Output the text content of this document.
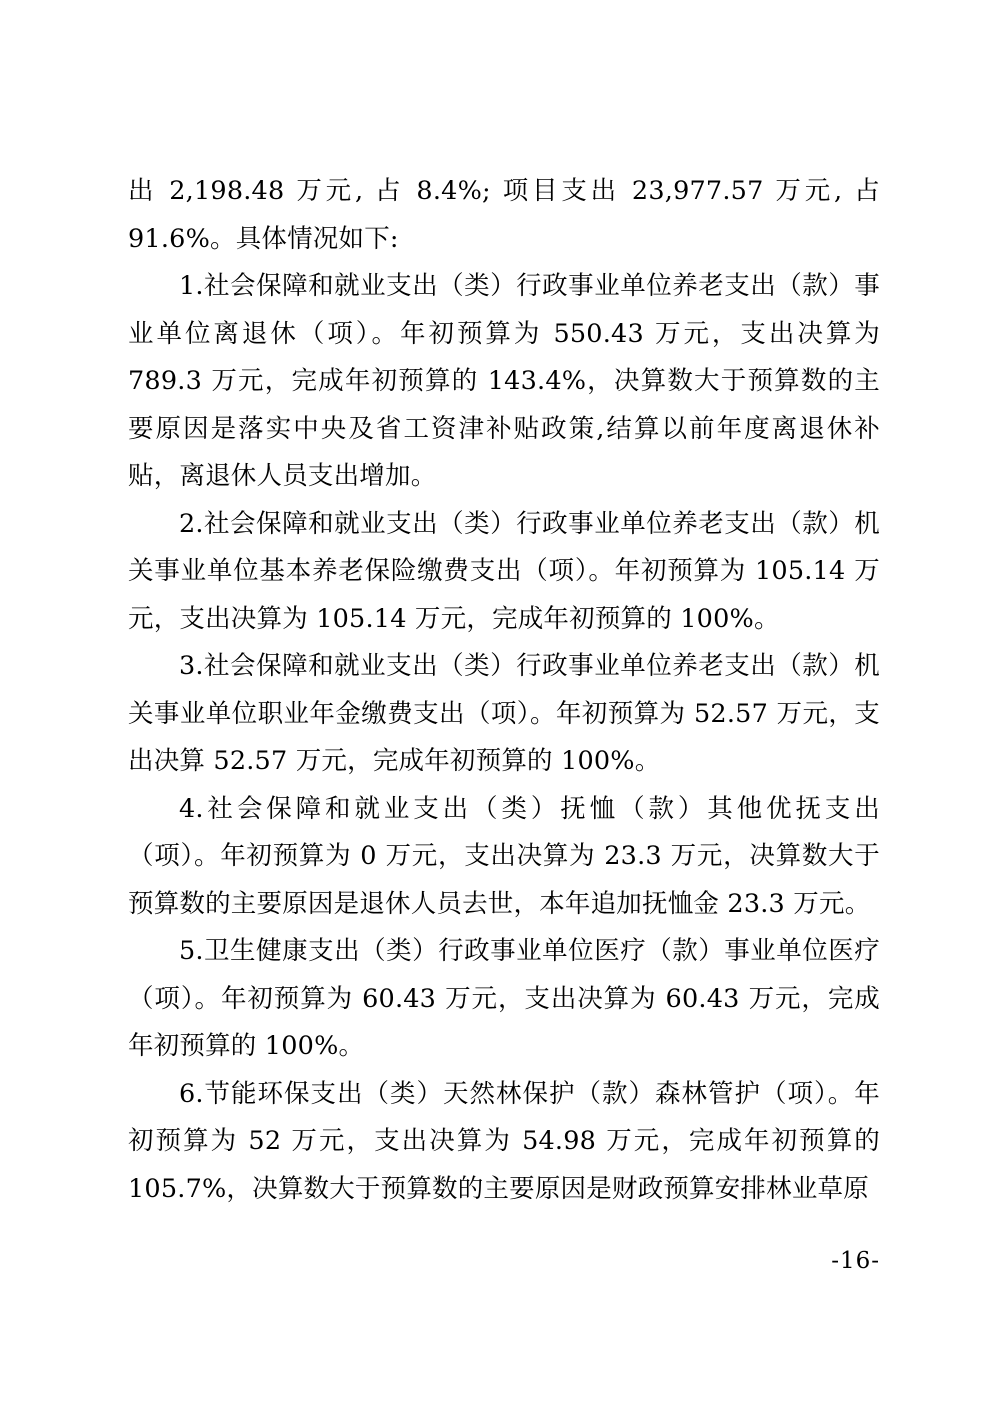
出 2,198.48 万元, 占 8.4%; 项目支出 23,977.57 万元, 占 91.6%。具体情况如下:

1.社会保障和就业支出（类）行政事业单位养老支出（款）事业单位离退休（项）。年初预算为 550.43 万元，支出决算为 789.3 万元，完成年初预算的 143.4%，决算数大于预算数的主要原因是落实中央及省工资津补贴政策,结算以前年度离退休补贴，离退休人员支出增加。

2.社会保障和就业支出（类）行政事业单位养老支出（款）机关事业单位基本养老保险缴费支出（项）。年初预算为 105.14 万元，支出决算为 105.14 万元，完成年初预算的 100%。

3.社会保障和就业支出（类）行政事业单位养老支出（款）机关事业单位职业年金缴费支出（项）。年初预算为 52.57 万元，支出决算 52.57 万元，完成年初预算的 100%。

4.社会保障和就业支出（类）抚恤（款）其他优抚支出（项）。年初预算为 0 万元，支出决算为 23.3 万元，决算数大于预算数的主要原因是退休人员去世，本年追加抚恤金 23.3 万元。

5.卫生健康支出（类）行政事业单位医疗（款）事业单位医疗（项）。年初预算为 60.43 万元，支出决算为 60.43 万元，完成年初预算的 100%。

6.节能环保支出（类）天然林保护（款）森林管护（项）。年初预算为 52 万元，支出决算为 54.98 万元，完成年初预算的 105.7%，决算数大于预算数的主要原因是财政预算安排林业草原

-16-
